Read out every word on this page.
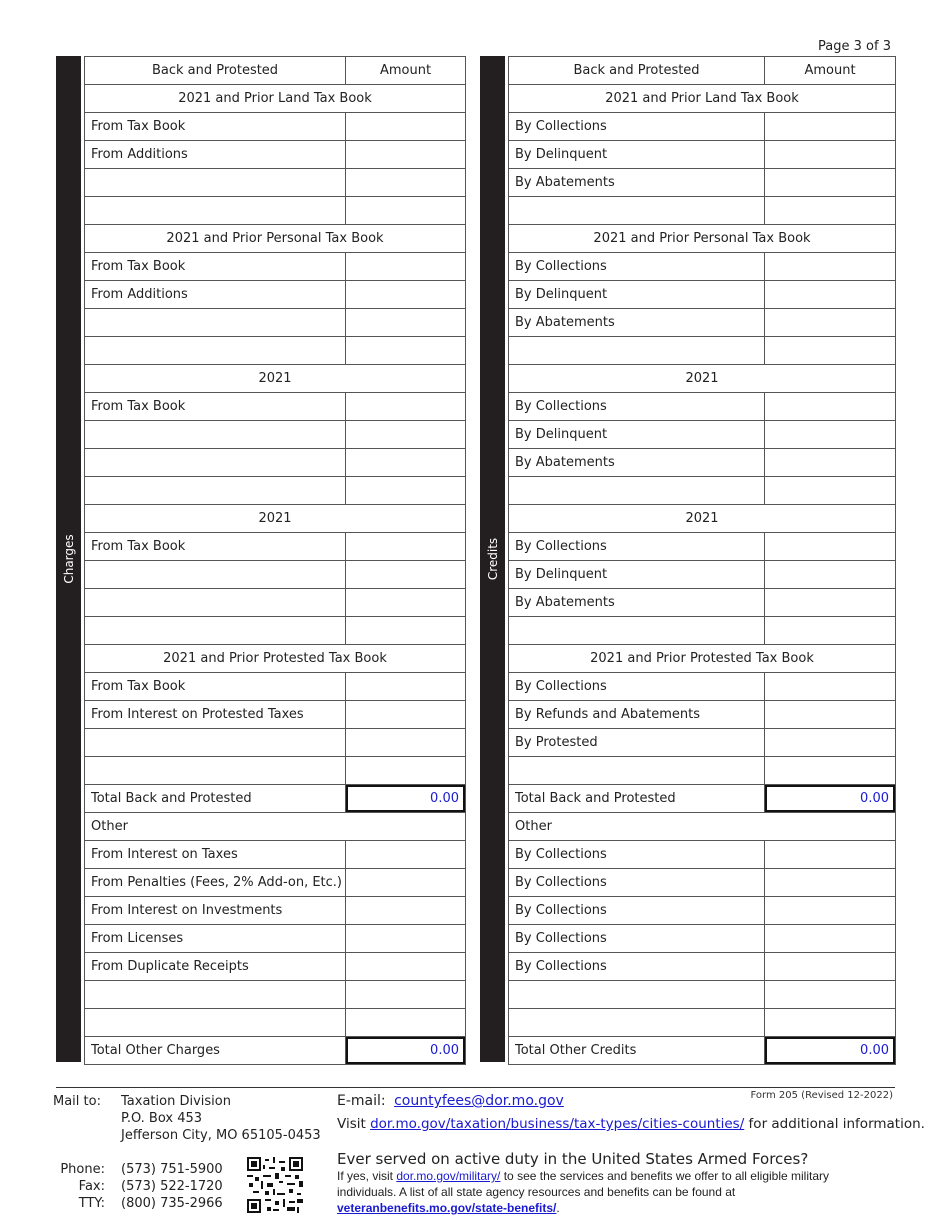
Page 3 of 3
Charges	Credits
Back and Protested	Amount
2021 and Prior Land Tax Book	
From Tax Book	
From Additions	

2021 and Prior Personal Tax Book	
From Tax Book	
From Additions	

2021	
From Tax Book	

2021	
From Tax Book	

2021 and Prior Protested Tax Book	
From Tax Book	
From Interest on Protested Taxes	

Total Back and Protested	0.00
Other	
From Interest on Taxes	
From Penalties (Fees, 2% Add-on, Etc.)	
From Interest on Investments	
From Licenses	
From Duplicate Receipts	

Total Other Charges	0.00
Back and Protested	Amount
2021 and Prior Land Tax Book	
By Collections	
By Delinquent	
By Abatements	

2021 and Prior Personal Tax Book	
By Collections	
By Delinquent	
By Abatements	

2021	
By Collections	
By Delinquent	
By Abatements	

2021	
By Collections	
By Delinquent	
By Abatements	

2021 and Prior Protested Tax Book	
By Collections	
By Refunds and Abatements	
By Protested	

Total Back and Protested	0.00
Other	
By Collections	
By Collections	
By Collections	
By Collections	
By Collections	

Total Other Credits	0.00
Form 205 (Revised 12-2022)
Mail to: Taxation Division
P.O. Box 453
Jefferson City, MO 65105-0453
Phone: (573) 751-5900
Fax: (573) 522-1720
TTY: (800) 735-2966
E-mail: countyfees@dor.mo.gov
Visit dor.mo.gov/taxation/business/tax-types/cities-counties/ for additional information.
Ever served on active duty in the United States Armed Forces?
If yes, visit dor.mo.gov/military/ to see the services and benefits we offer to all eligible military individuals. A list of all state agency resources and benefits can be found at veteranbenefits.mo.gov/state-benefits/.
